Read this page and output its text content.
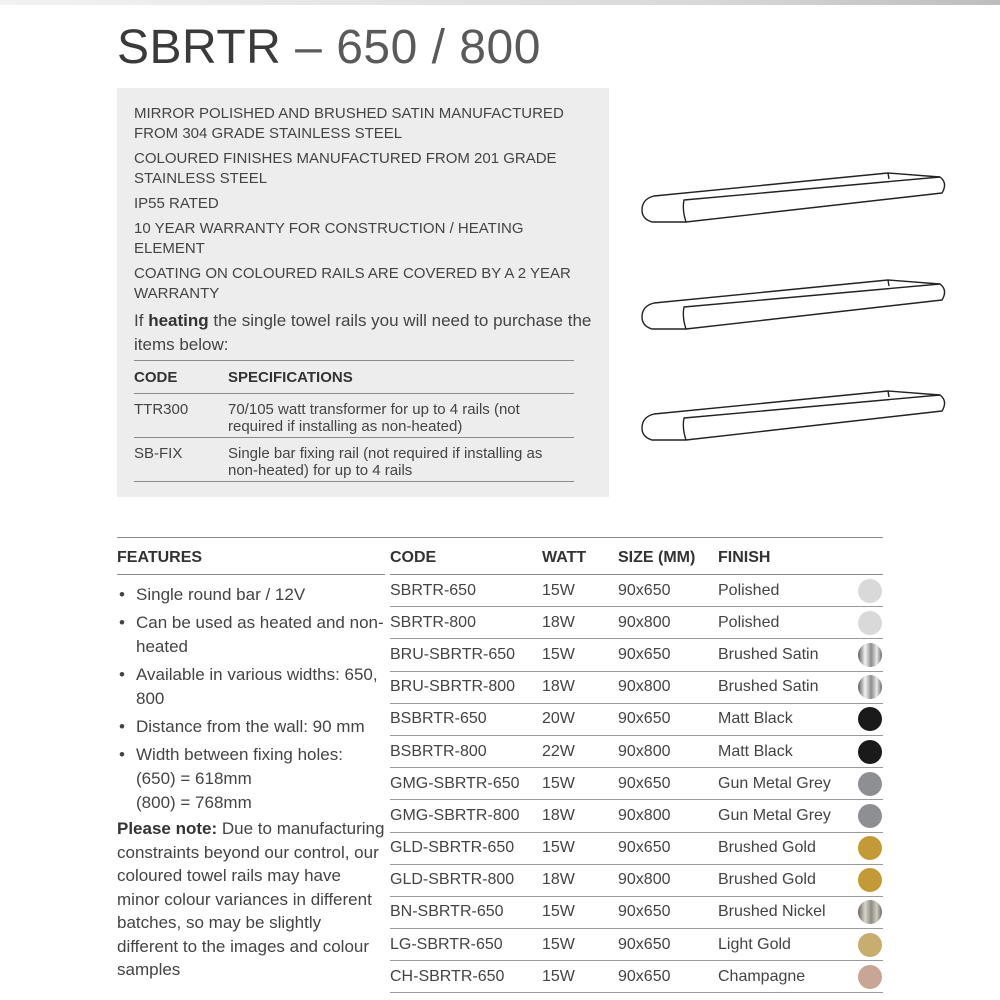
SBRTR – 650 / 800

MIRROR POLISHED AND BRUSHED SATIN MANUFACTURED FROM 304 GRADE STAINLESS STEEL

COLOURED FINISHES MANUFACTURED FROM 201 GRADE STAINLESS STEEL

IP55 RATED

10 YEAR WARRANTY FOR CONSTRUCTION / HEATING ELEMENT

COATING ON COLOURED RAILS ARE COVERED BY A 2 YEAR WARRANTY

If heating the single towel rails you will need to purchase the items below:

CODE	SPECIFICATIONS
TTR300	70/105 watt transformer for up to 4 rails (not required if installing as non-heated)
SB-FIX	Single bar fixing rail (not required if installing as non-heated) for up to 4 rails
FEATURES
• Single round bar / 12V
• Can be used as heated and non-heated
• Available in various widths: 650, 800
• Distance from the wall: 90 mm
• Width between fixing holes:
(650) = 618mm
(800) = 768mm
Please note: Due to manufacturing constraints beyond our control, our coloured towel rails may have minor colour variances in different batches, so may be slightly different to the images and colour samples
CODE	WATT	SIZE (MM)	FINISH
SBRTR-650	15W	90x650	Polished
SBRTR-800	18W	90x800	Polished
BRU-SBRTR-650	15W	90x650	Brushed Satin
BRU-SBRTR-800	18W	90x800	Brushed Satin
BSBRTR-650	20W	90x650	Matt Black
BSBRTR-800	22W	90x800	Matt Black
GMG-SBRTR-650	15W	90x650	Gun Metal Grey
GMG-SBRTR-800	18W	90x800	Gun Metal Grey
GLD-SBRTR-650	15W	90x650	Brushed Gold
GLD-SBRTR-800	18W	90x800	Brushed Gold
BN-SBRTR-650	15W	90x650	Brushed Nickel
LG-SBRTR-650	15W	90x650	Light Gold
CH-SBRTR-650	15W	90x650	Champagne
